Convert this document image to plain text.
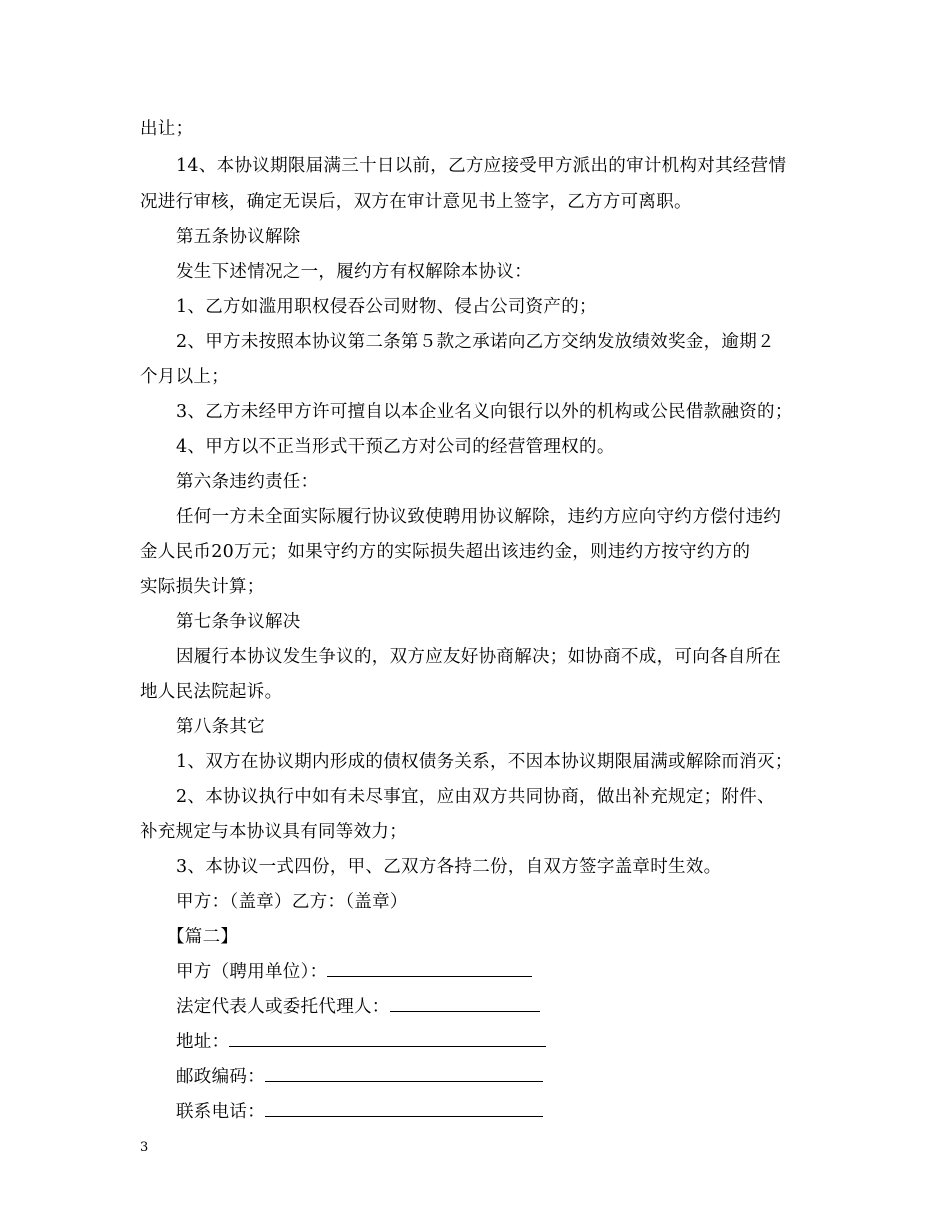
出让；
14、本协议期限届满三十日以前，乙方应接受甲方派出的审计机构对其经营情
况进行审核，确定无误后，双方在审计意见书上签字，乙方方可离职。
第五条协议解除
发生下述情况之一，履约方有权解除本协议：
1、乙方如滥用职权侵吞公司财物、侵占公司资产的；
2、甲方未按照本协议第二条第５款之承诺向乙方交纳发放绩效奖金，逾期２
个月以上；
3、乙方未经甲方许可擅自以本企业名义向银行以外的机构或公民借款融资的；
4、甲方以不正当形式干预乙方对公司的经营管理权的。
第六条违约责任：
任何一方未全面实际履行协议致使聘用协议解除，违约方应向守约方偿付违约
金人民币20万元；如果守约方的实际损失超出该违约金，则违约方按守约方的
实际损失计算；
第七条争议解决
因履行本协议发生争议的，双方应友好协商解决；如协商不成，可向各自所在
地人民法院起诉。
第八条其它
1、双方在协议期内形成的债权债务关系，不因本协议期限届满或解除而消灭；
2、本协议执行中如有未尽事宜，应由双方共同协商，做出补充规定；附件、
补充规定与本协议具有同等效力；
3、本协议一式四份，甲、乙双方各持二份，自双方签字盖章时生效。
甲方：（盖章）乙方：（盖章）
【篇二】
甲方（聘用单位）：
法定代表人或委托代理人：
地址：
邮政编码：
联系电话：
3
